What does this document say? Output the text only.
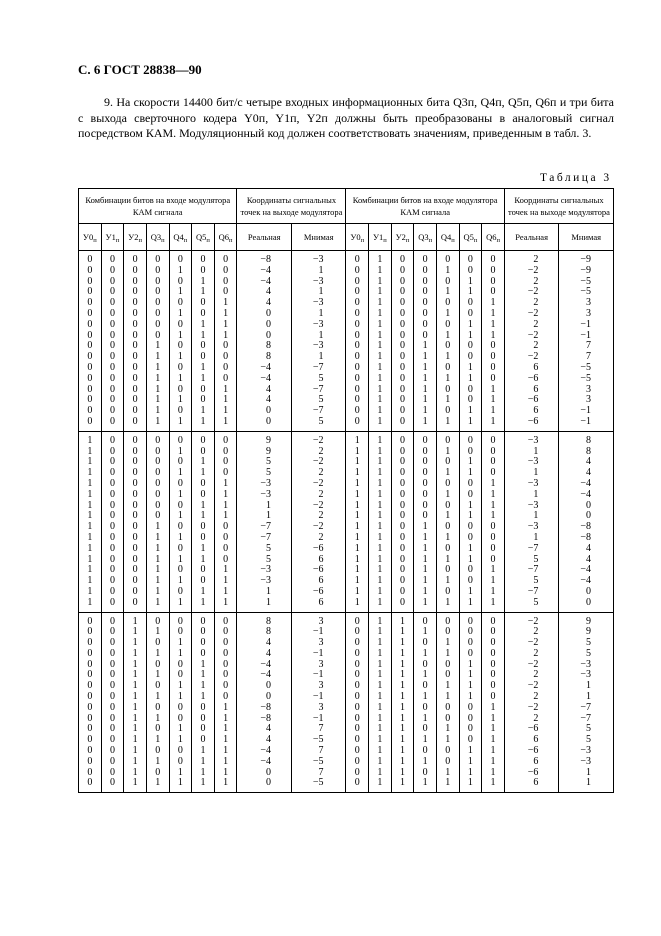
С. 6 ГОСТ 28838—90
9. На скорости 14400 бит/с четыре входных информационных бита Q3п, Q4п, Q5п, Q6п и три бита с выхода сверточного кодера Y0п, Y1п, Y2п должны быть преобразованы в аналоговый сигнал посредством КАМ. Модуляционный код должен соответствовать значениям, приведенным в табл. 3.
Таблица 3
Комбинации битов на входе модулятора КАМ сигнала							Координаты сигнальных точек на выходе модулятора		Комбинации битов на входе модулятора КАМ сигнала							Координаты сигнальных точек на выходе модулятора	
$У0_п$	$У1_п$	$У2_п$	$Q3_п$	$Q4_п$	$Q5_п$	$Q6_п$	Реальная	Мнимая	$У0_п$	$У1_п$	$У2_п$	$Q3_п$	$Q4_п$	$Q5_п$	$Q6_п$	Реальная	Мнимая
0	0	0	0	0	0	0	−8	−3	0	1	0	0	0	0	0	2	−9
0	0	0	0	1	0	0	−4	1	0	1	0	0	1	0	0	−2	−9
0	0	0	0	0	1	0	−4	−3	0	1	0	0	0	1	0	2	−5
0	0	0	0	1	1	0	4	1	0	1	0	0	1	1	0	−2	−5
0	0	0	0	0	0	1	4	−3	0	1	0	0	0	0	1	2	3
0	0	0	0	1	0	1	0	1	0	1	0	0	1	0	1	−2	3
0	0	0	0	0	1	1	0	−3	0	1	0	0	0	1	1	2	−1
0	0	0	0	1	1	1	0	1	0	1	0	0	1	1	1	−2	−1
0	0	0	1	0	0	0	8	−3	0	1	0	1	0	0	0	2	7
0	0	0	1	1	0	0	8	1	0	1	0	1	1	0	0	−2	7
0	0	0	1	0	1	0	−4	−7	0	1	0	1	0	1	0	6	−5
0	0	0	1	1	1	0	−4	5	0	1	0	1	1	1	0	−6	−5
0	0	0	1	0	0	1	4	−7	0	1	0	1	0	0	1	6	3
0	0	0	1	1	0	1	4	5	0	1	0	1	1	0	1	−6	3
0	0	0	1	0	1	1	0	−7	0	1	0	1	0	1	1	6	−1
0	0	0	1	1	1	1	0	5	0	1	0	1	1	1	1	−6	−1
1	0	0	0	0	0	0	9	−2	1	1	0	0	0	0	0	−3	8
1	0	0	0	1	0	0	9	2	1	1	0	0	1	0	0	1	8
1	0	0	0	0	1	0	5	−2	1	1	0	0	0	1	0	−3	4
1	0	0	0	1	1	0	5	2	1	1	0	0	1	1	0	1	4
1	0	0	0	0	0	1	−3	−2	1	1	0	0	0	0	1	−3	−4
1	0	0	0	1	0	1	−3	2	1	1	0	0	1	0	1	1	−4
1	0	0	0	0	1	1	1	−2	1	1	0	0	0	1	1	−3	0
1	0	0	0	1	1	1	1	2	1	1	0	0	1	1	1	1	0
1	0	0	1	0	0	0	−7	−2	1	1	0	1	0	0	0	−3	−8
1	0	0	1	1	0	0	−7	2	1	1	0	1	1	0	0	1	−8
1	0	0	1	0	1	0	5	−6	1	1	0	1	0	1	0	−7	4
1	0	0	1	1	1	0	5	6	1	1	0	1	1	1	0	5	4
1	0	0	1	0	0	1	−3	−6	1	1	0	1	0	0	1	−7	−4
1	0	0	1	1	0	1	−3	6	1	1	0	1	1	0	1	5	−4
1	0	0	1	0	1	1	1	−6	1	1	0	1	0	1	1	−7	0
1	0	0	1	1	1	1	1	6	1	1	0	1	1	1	1	5	0
0	0	1	0	0	0	0	8	3	0	1	1	0	0	0	0	−2	9
0	0	1	1	0	0	0	8	−1	0	1	1	1	0	0	0	2	9
0	0	1	0	1	0	0	4	3	0	1	1	0	1	0	0	−2	5
0	0	1	1	1	0	0	4	−1	0	1	1	1	1	0	0	2	5
0	0	1	0	0	1	0	−4	3	0	1	1	0	0	1	0	−2	−3
0	0	1	1	0	1	0	−4	−1	0	1	1	1	0	1	0	2	−3
0	0	1	0	1	1	0	0	3	0	1	1	0	1	1	0	−2	1
0	0	1	1	1	1	0	0	−1	0	1	1	1	1	1	0	2	1
0	0	1	0	0	0	1	−8	3	0	1	1	0	0	0	1	−2	−7
0	0	1	1	0	0	1	−8	−1	0	1	1	1	0	0	1	2	−7
0	0	1	0	1	0	1	4	7	0	1	1	0	1	0	1	−6	5
0	0	1	1	1	0	1	4	−5	0	1	1	1	1	0	1	6	5
0	0	1	0	0	1	1	−4	7	0	1	1	0	0	1	1	−6	−3
0	0	1	1	0	1	1	−4	−5	0	1	1	1	0	1	1	6	−3
0	0	1	0	1	1	1	0	7	0	1	1	0	1	1	1	−6	1
0	0	1	1	1	1	1	0	−5	0	1	1	1	1	1	1	6	1
